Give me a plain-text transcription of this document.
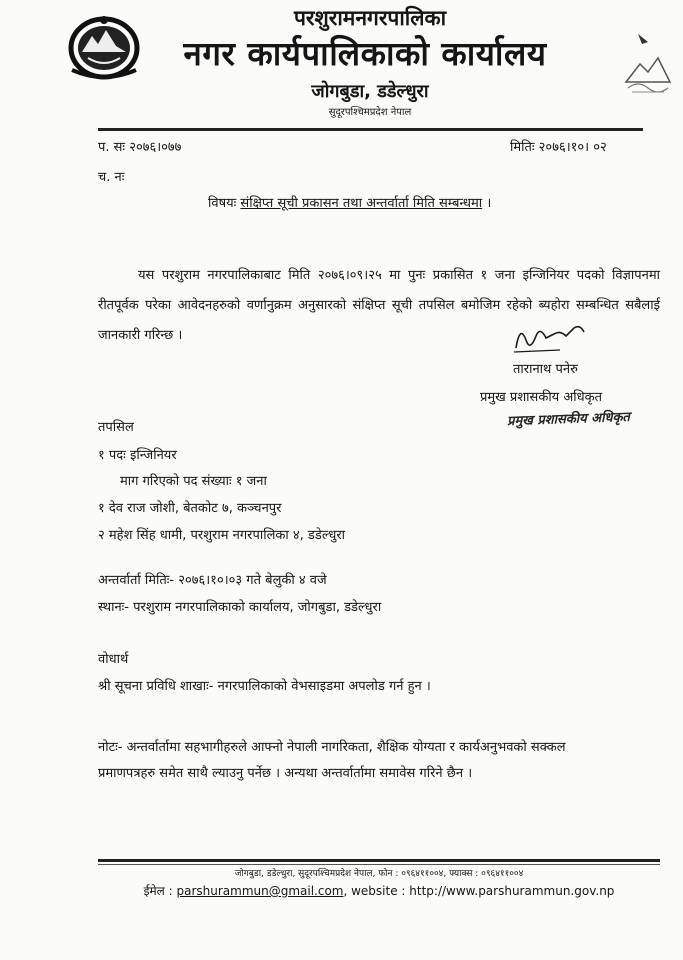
परशुरामनगरपालिका
नगर कार्यपालिकाको कार्यालय
जोगबुडा, डडेल्धुरा
सुदूरपश्चिमप्रदेश नेपाल
प. सः २०७६।०७७
च. नः
मितिः २०७६।१०। ०२
विषयः संक्षिप्त सूची प्रकासन तथा अन्तर्वार्ता मिति सम्बन्धमा ।
यस परशुराम नगरपालिकाबाट मिति २०७६।०९।२५ मा पुनः प्रकासित १ जना इन्जिनियर पदको विज्ञापनमा रीतपूर्वक परेका आवेदनहरुको वर्णानुक्रम अनुसारको संक्षिप्त सूची तपसिल बमोजिम रहेको ब्यहोरा सम्बन्धित सबैलाई जानकारी गरिन्छ ।
तारानाथ पनेरु
प्रमुख प्रशासकीय अधिकृत
प्रमुख प्रशासकीय अधिकृत
तपसिल
१ पदः इन्जिनियर
माग गरिएको पद संख्याः १ जना
१ देव राज जोशी, बेतकोट ७, कञ्चनपुर
२ महेश सिंह धामी, परशुराम नगरपालिका ४, डडेल्धुरा
अन्तर्वार्ता मितिः- २०७६।१०।०३ गते बेलुकी ४ वजे
स्थानः- परशुराम नगरपालिकाको कार्यालय, जोगबुडा, डडेल्धुरा
वोधार्थ
श्री सूचना प्रविधि शाखाः- नगरपालिकाको वेभसाइडमा अपलोड गर्न हुन ।
नोटः- अन्तर्वार्तामा सहभागीहरुले आफ्नो नेपाली नागरिकता, शैक्षिक योग्यता र कार्यअनुभवको सक्कल
प्रमाणपत्रहरु समेत साथै ल्याउनु पर्नेछ । अन्यथा अन्तर्वार्तामा समावेस गरिने छैन ।
जोगबुडा, डडेल्धुरा, सुदूरपश्चिमप्रदेश नेपाल, फोन : ०९६४११००४, फ्याक्स : ०९६४११००४
ईमेल : parshurammun@gmail.com, website : http://www.parshurammun.gov.np
